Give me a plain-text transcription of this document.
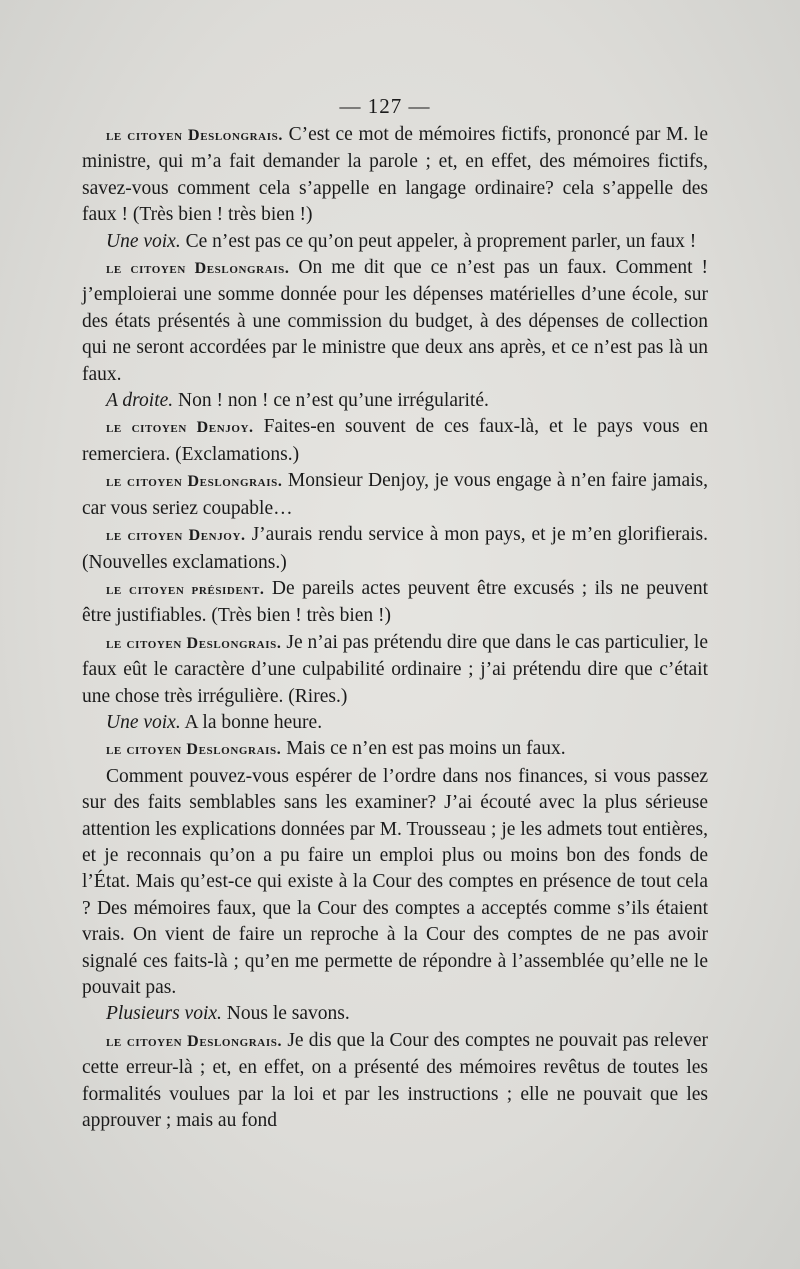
— 127 —

le citoyen Deslongrais. C’est ce mot de mémoires fictifs, prononcé par M. le ministre, qui m’a fait demander la parole ; et, en effet, des mémoires fictifs, savez-vous comment cela s’appelle en langage ordinaire? cela s’appelle des faux ! (Très bien ! très bien !)

Une voix. Ce n’est pas ce qu’on peut appeler, à proprement parler, un faux !

le citoyen Deslongrais. On me dit que ce n’est pas un faux. Comment ! j’emploierai une somme donnée pour les dépenses matérielles d’une école, sur des états présentés à une commission du budget, à des dépenses de collection qui ne seront accordées par le ministre que deux ans après, et ce n’est pas là un faux.

A droite. Non ! non ! ce n’est qu’une irrégularité.

le citoyen Denjoy. Faites-en souvent de ces faux-là, et le pays vous en remerciera. (Exclamations.)

le citoyen Deslongrais. Monsieur Denjoy, je vous engage à n’en faire jamais, car vous seriez coupable…

le citoyen Denjoy. J’aurais rendu service à mon pays, et je m’en glorifierais. (Nouvelles exclamations.)

le citoyen président. De pareils actes peuvent être excusés ; ils ne peuvent être justifiables. (Très bien ! très bien !)

le citoyen Deslongrais. Je n’ai pas prétendu dire que dans le cas particulier, le faux eût le caractère d’une culpabilité ordinaire ; j’ai prétendu dire que c’était une chose très irrégulière. (Rires.)

Une voix. A la bonne heure.

le citoyen Deslongrais. Mais ce n’en est pas moins un faux.

Comment pouvez-vous espérer de l’ordre dans nos finances, si vous passez sur des faits semblables sans les examiner? J’ai écouté avec la plus sérieuse attention les explications données par M. Trousseau ; je les admets tout entières, et je reconnais qu’on a pu faire un emploi plus ou moins bon des fonds de l’État. Mais qu’est-ce qui existe à la Cour des comptes en présence de tout cela ? Des mémoires faux, que la Cour des comptes a acceptés comme s’ils étaient vrais. On vient de faire un reproche à la Cour des comptes de ne pas avoir signalé ces faits-là ; qu’en me permette de répondre à l’assemblée qu’elle ne le pouvait pas.

Plusieurs voix. Nous le savons.

le citoyen Deslongrais. Je dis que la Cour des comptes ne pouvait pas relever cette erreur-là ; et, en effet, on a présenté des mémoires revêtus de toutes les formalités voulues par la loi et par les instructions ; elle ne pouvait que les approuver ; mais au fond
